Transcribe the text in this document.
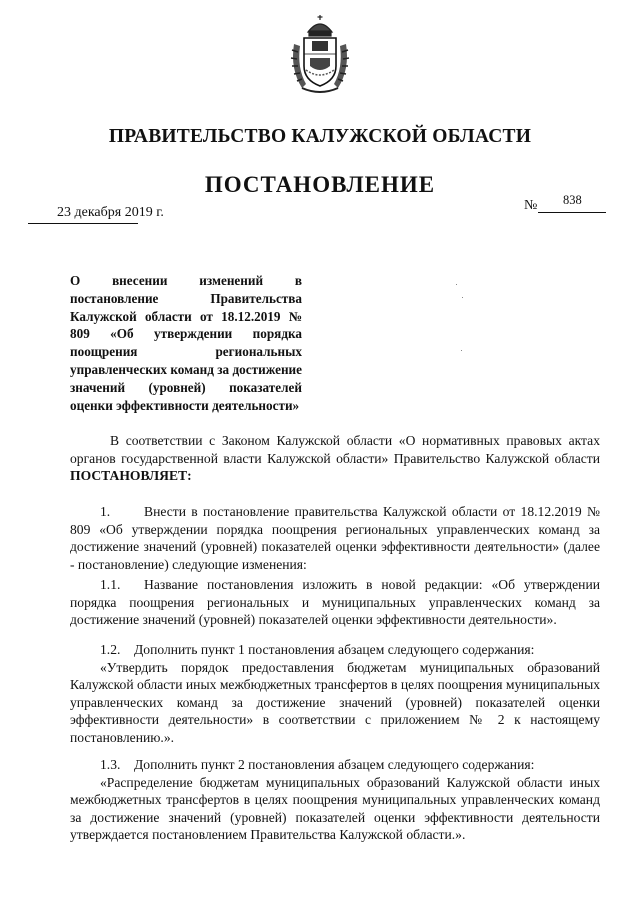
ПРАВИТЕЛЬСТВО КАЛУЖСКОЙ ОБЛАСТИ
ПОСТАНОВЛЕНИЕ
23 декабря 2019 г.	№ 838
О внесении изменений в постановление Правительства Калужской области от 18.12.2019 № 809 «Об утверждении порядка поощрения региональных управленческих команд за достижение значений (уровней) показателей оценки эффективности деятельности»
В соответствии с Законом Калужской области «О нормативных правовых актах органов государственной власти Калужской области» Правительство Калужской области ПОСТАНОВЛЯЕТ:
1. Внести в постановление правительства Калужской области от 18.12.2019 № 809 «Об утверждении порядка поощрения региональных управленческих команд за достижение значений (уровней) показателей оценки эффективности деятельности» (далее - постановление) следующие изменения:
1.1. Название постановления изложить в новой редакции: «Об утверждении порядка поощрения региональных и муниципальных управленческих команд за достижение значений (уровней) показателей оценки эффективности деятельности».

1.2. Дополнить пункт 1 постановления абзацем следующего содержания:

«Утвердить порядок предоставления бюджетам муниципальных образований Калужской области иных межбюджетных трансфертов в целях поощрения муниципальных управленческих команд за достижение значений (уровней) показателей оценки эффективности деятельности» в соответствии с приложением № 2 к настоящему постановлению.».

1.3. Дополнить пункт 2 постановления абзацем следующего содержания:

«Распределение бюджетам муниципальных образований Калужской области иных межбюджетных трансфертов в целях поощрения муниципальных управленческих команд за достижение значений (уровней) показателей оценки эффективности деятельности утверждается постановлением Правительства Калужской области.».
